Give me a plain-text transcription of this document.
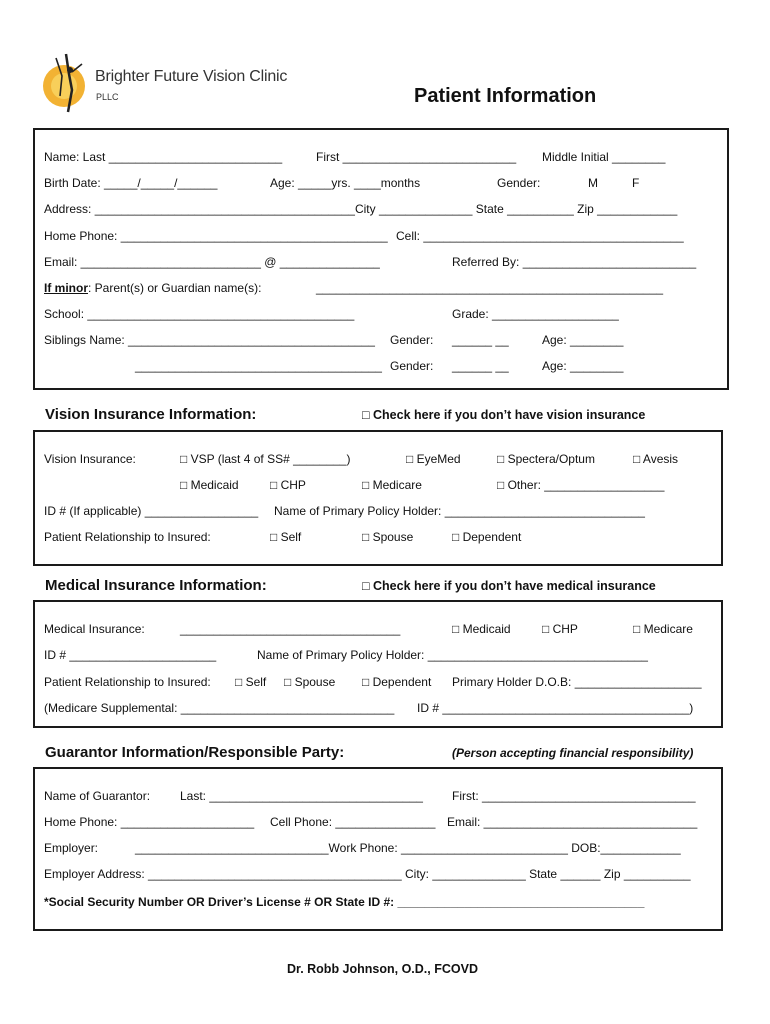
Brighter Future Vision Clinic
PLLC	Patient Information
Name: Last __________________________	First __________________________ Middle Initial ________
Birth Date: _____/_____/______	Age: _____yrs. ____months	Gender:	M	F
Address: _______________________________________City ______________ State __________ Zip ____________
Home Phone: ________________________________________ Cell: _______________________________________
Email: ___________________________ @ _______________	Referred By: __________________________
If minor: Parent(s) or Guardian name(s):	____________________________________________________
School: ________________________________________	Grade: ___________________
Siblings Name: _____________________________________ Gender: ______ __	Age: ________
_____________________________________ Gender: ______ __	Age: ________
Vision Insurance Information:	□ Check here if you don’t have vision insurance
Vision Insurance:	□ VSP (last 4 of SS# ________)	□ EyeMed	□ Spectera/Optum	□ Avesis
□ Medicaid	□ CHP	□ Medicare	□ Other: __________________
ID # (If applicable) _________________ Name of Primary Policy Holder: ______________________________
Patient Relationship to Insured:	□ Self	□ Spouse	□ Dependent
Medical Insurance Information:	□ Check here if you don’t have medical insurance
Medical Insurance:	_________________________________	□ Medicaid	□ CHP	□ Medicare
ID # ______________________	Name of Primary Policy Holder: _________________________________
Patient Relationship to Insured: □ Self □ Spouse □ Dependent Primary Holder D.O.B: ___________________
(Medicare Supplemental: ________________________________ ID # _____________________________________)
Guarantor Information/Responsible Party:	(Person accepting financial responsibility)
Name of Guarantor: Last: ________________________________ First: ________________________________
Home Phone: ____________________ Cell Phone: _______________ Email: ________________________________
Employer:	_____________________________Work Phone: _________________________ DOB:____________
Employer Address: ______________________________________ City: ______________ State ______ Zip __________
*Social Security Number OR Driver’s License # OR State ID #: _____________________________________
Dr. Robb Johnson, O.D., FCOVD
